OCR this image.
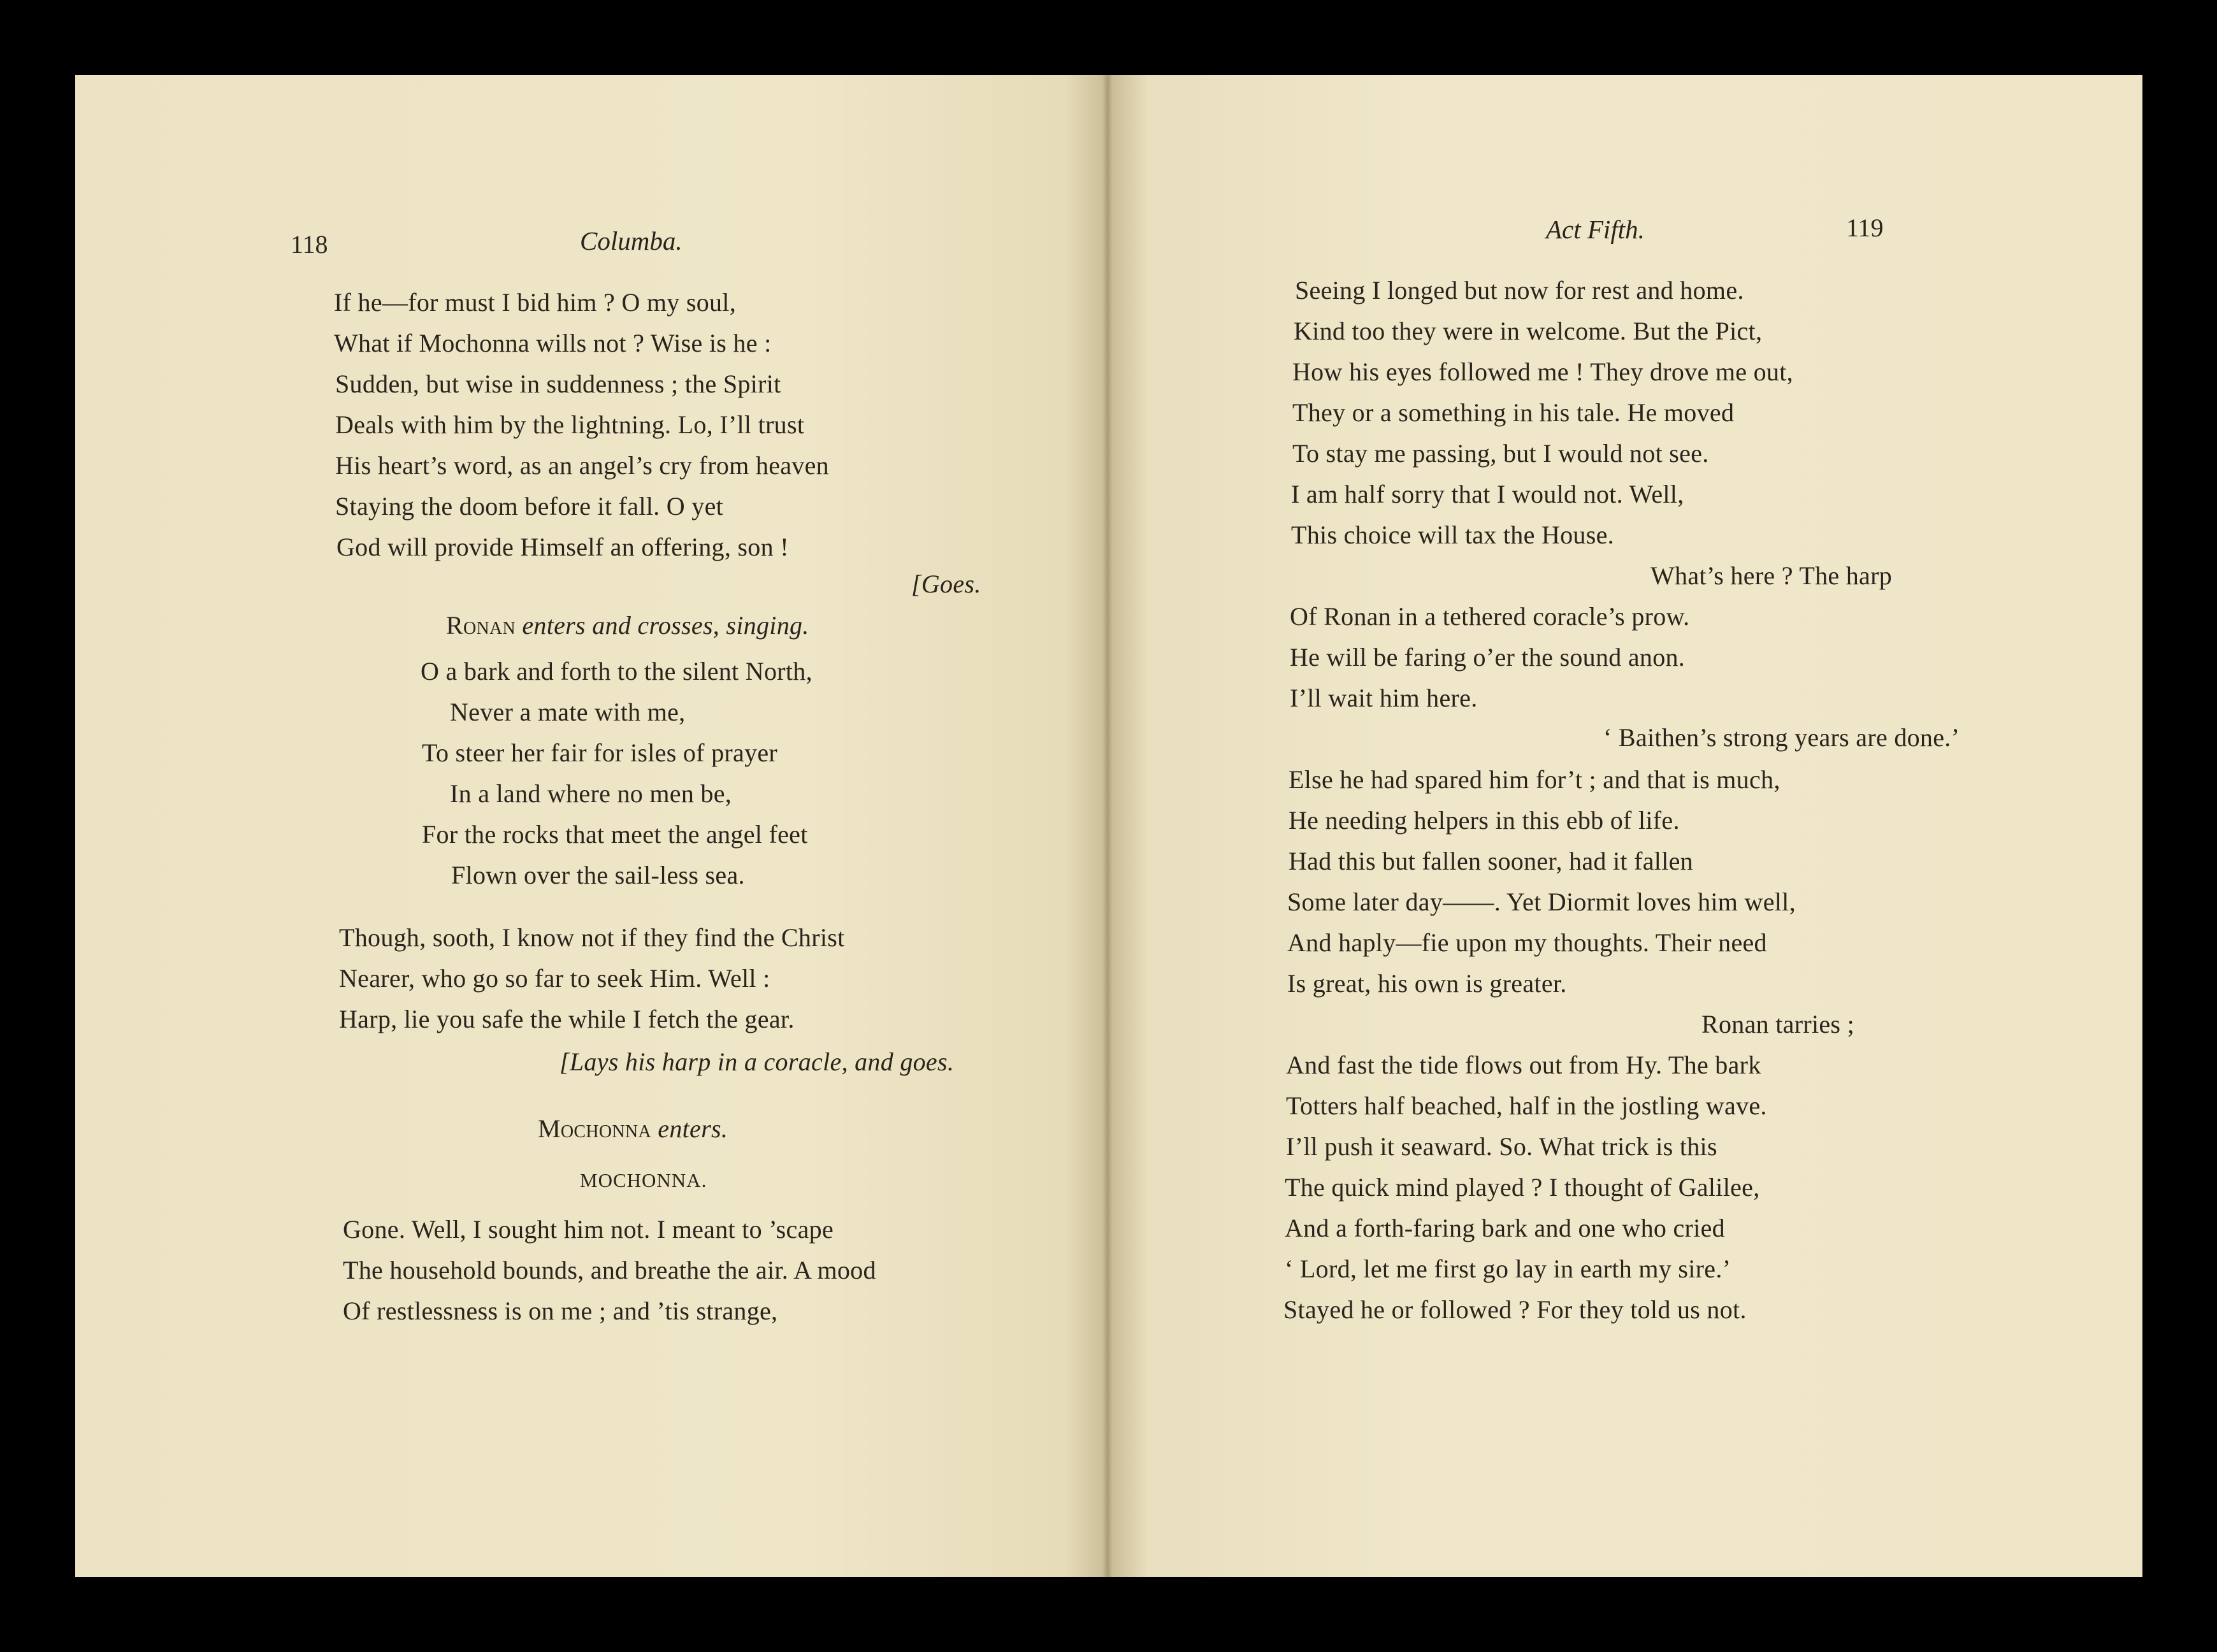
118	Columba.
If he—for must I bid him ? O my soul,
What if Mochonna wills not ? Wise is he :
Sudden, but wise in suddenness ; the Spirit
Deals with him by the lightning. Lo, I’ll trust
His heart’s word, as an angel’s cry from heaven
Staying the doom before it fall. O yet
God will provide Himself an offering, son !
[Goes.
Ronan enters and crosses, singing.
O a bark and forth to the silent North,
Never a mate with me,
To steer her fair for isles of prayer
In a land where no men be,
For the rocks that meet the angel feet
Flown over the sail-less sea.
Though, sooth, I know not if they find the Christ
Nearer, who go so far to seek Him. Well :
Harp, lie you safe the while I fetch the gear.
[Lays his harp in a coracle, and goes.
Mochonna enters.
MOCHONNA.
Gone. Well, I sought him not. I meant to ’scape
The household bounds, and breathe the air. A mood
Of restlessness is on me ; and ’tis strange,
Act Fifth.	119
Seeing I longed but now for rest and home.
Kind too they were in welcome. But the Pict,
How his eyes followed me ! They drove me out,
They or a something in his tale. He moved
To stay me passing, but I would not see.
I am half sorry that I would not. Well,
This choice will tax the House.
What’s here ? The harp
Of Ronan in a tethered coracle’s prow.
He will be faring o’er the sound anon.
I’ll wait him here.
‘ Baithen’s strong years are done.’
Else he had spared him for’t ; and that is much,
He needing helpers in this ebb of life.
Had this but fallen sooner, had it fallen
Some later day——. Yet Diormit loves him well,
And haply—fie upon my thoughts. Their need
Is great, his own is greater.
Ronan tarries ;
And fast the tide flows out from Hy. The bark
Totters half beached, half in the jostling wave.
I’ll push it seaward. So. What trick is this
The quick mind played ? I thought of Galilee,
And a forth-faring bark and one who cried
‘ Lord, let me first go lay in earth my sire.’
Stayed he or followed ? For they told us not.
